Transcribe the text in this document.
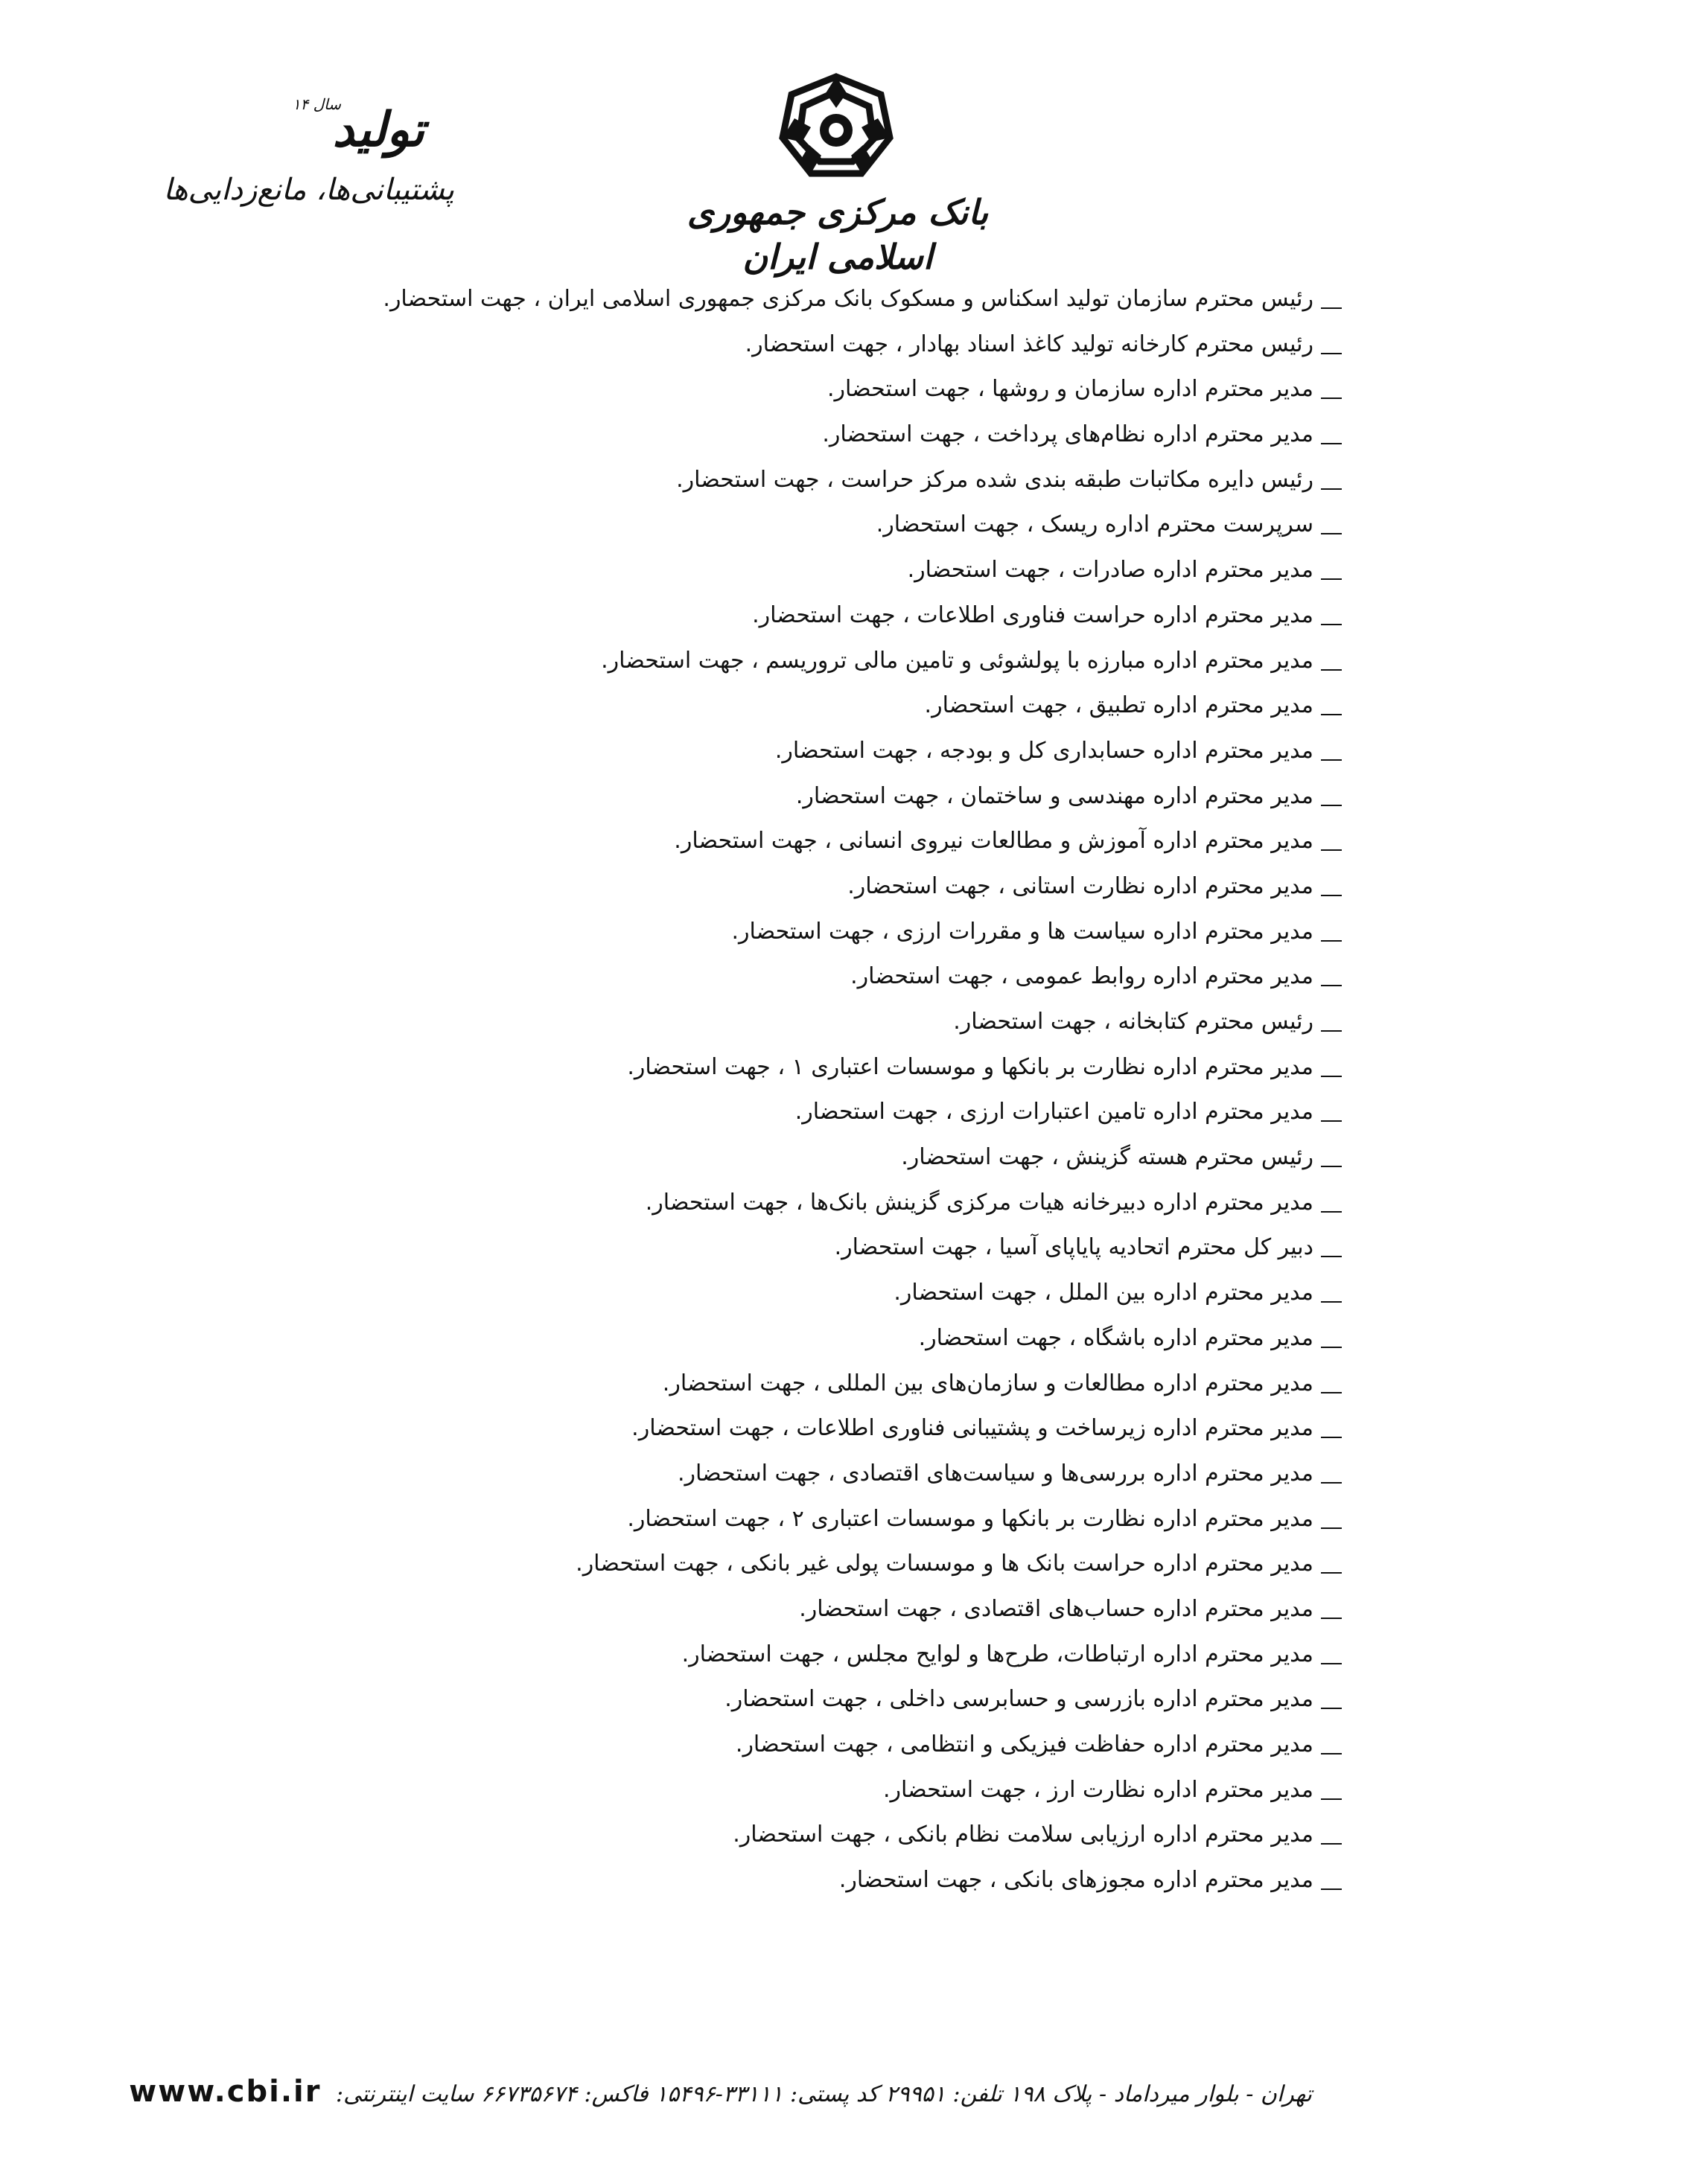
بانک مرکزی جمهوری اسلامی ایران
سال ۱۴
تولید
پشتیبانی‌ها، مانع‌زدایی‌ها
رئیس محترم سازمان تولید اسکناس و مسکوک بانک مرکزی جمهوری اسلامی ایران ، جهت استحضار.
رئیس محترم کارخانه تولید کاغذ اسناد بهادار ، جهت استحضار.
مدیر محترم اداره سازمان و روشها ، جهت استحضار.
مدیر محترم اداره نظام‌های پرداخت ، جهت استحضار.
رئیس دایره مکاتبات طبقه بندی شده مرکز حراست ، جهت استحضار.
سرپرست محترم اداره ریسک ، جهت استحضار.
مدیر محترم اداره صادرات ، جهت استحضار.
مدیر محترم اداره حراست فناوری اطلاعات ، جهت استحضار.
مدیر محترم اداره مبارزه با پولشوئی و تامین مالی تروریسم ، جهت استحضار.
مدیر محترم اداره تطبیق ، جهت استحضار.
مدیر محترم اداره حسابداری کل و بودجه ، جهت استحضار.
مدیر محترم اداره مهندسی و ساختمان ، جهت استحضار.
مدیر محترم اداره آموزش و مطالعات نیروی انسانی ، جهت استحضار.
مدیر محترم اداره نظارت استانی ، جهت استحضار.
مدیر محترم اداره سیاست ها و مقررات ارزی ، جهت استحضار.
مدیر محترم اداره روابط عمومی ، جهت استحضار.
رئیس محترم کتابخانه ، جهت استحضار.
مدیر محترم اداره نظارت بر بانکها و موسسات اعتباری ۱ ، جهت استحضار.
مدیر محترم اداره تامین اعتبارات ارزی ، جهت استحضار.
رئیس محترم هسته گزینش ، جهت استحضار.
مدیر محترم اداره دبیرخانه هیات مرکزی گزینش بانک‌ها ، جهت استحضار.
دبیر کل محترم اتحادیه پایاپای آسیا ، جهت استحضار.
مدیر محترم اداره بین الملل ، جهت استحضار.
مدیر محترم اداره باشگاه ، جهت استحضار.
مدیر محترم اداره مطالعات و سازمان‌های بین المللی ، جهت استحضار.
مدیر محترم اداره زیرساخت و پشتیبانی فناوری اطلاعات ، جهت استحضار.
مدیر محترم اداره بررسی‌ها و سیاست‌های اقتصادی ، جهت استحضار.
مدیر محترم اداره نظارت بر بانکها و موسسات اعتباری ۲ ، جهت استحضار.
مدیر محترم اداره حراست بانک ها و موسسات پولی غیر بانکی ، جهت استحضار.
مدیر محترم اداره حساب‌های اقتصادی ، جهت استحضار.
مدیر محترم اداره ارتباطات، طرح‌ها و لوایح مجلس ، جهت استحضار.
مدیر محترم اداره بازرسی و حسابرسی داخلی ، جهت استحضار.
مدیر محترم اداره حفاظت فیزیکی و انتظامی ، جهت استحضار.
مدیر محترم اداره نظارت ارز ، جهت استحضار.
مدیر محترم اداره ارزیابی سلامت نظام بانکی ، جهت استحضار.
مدیر محترم اداره مجوزهای بانکی ، جهت استحضار.
تهران - بلوار میرداماد - پلاک ۱۹۸ تلفن: ۲۹۹۵۱ کد پستی: ۳۳۱۱۱-۱۵۴۹۶ فاکس: ۶۶۷۳۵۶۷۴ سایت اینترنتی: www.cbi.ir
